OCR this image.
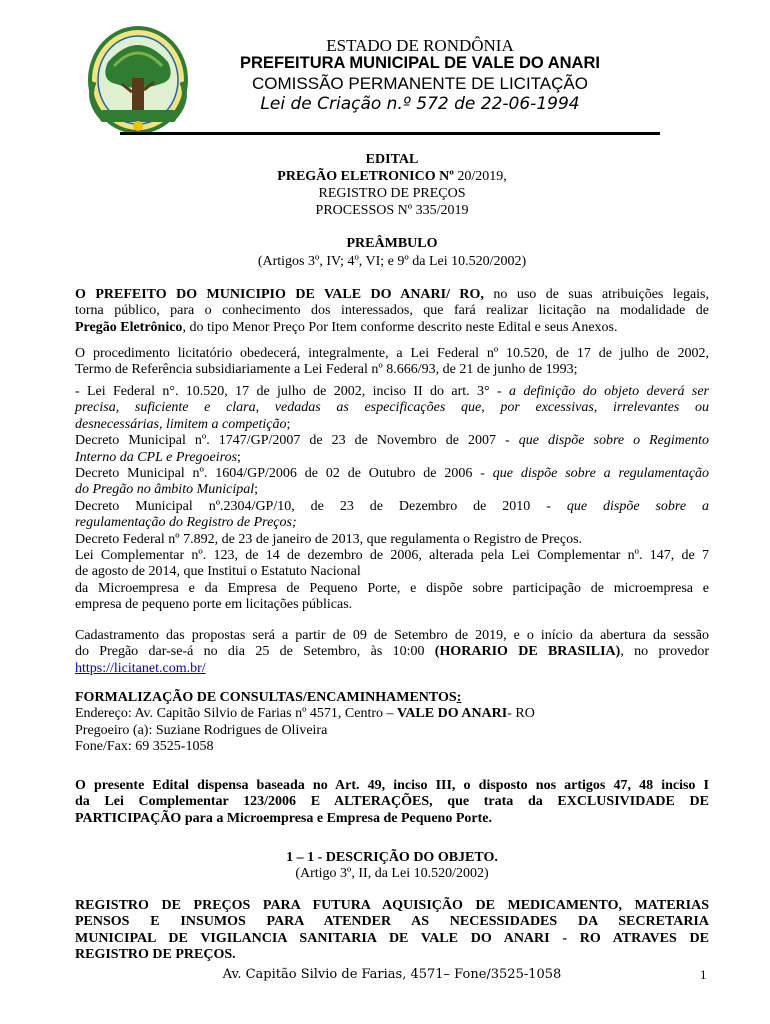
ESTADO DE RONDÔNIA
PREFEITURA MUNICIPAL DE VALE DO ANARI
COMISSÃO PERMANENTE DE LICITAÇÃO
Lei de Criação n.º 572 de 22-06-1994
EDITAL
PREGÃO ELETRONICO Nº 20/2019,
REGISTRO DE PREÇOS
PROCESSOS Nº 335/2019
PREÂMBULO
(Artigos 3º, IV; 4º, VI; e 9º da Lei 10.520/2002)
O PREFEITO DO MUNICIPIO DE VALE DO ANARI/ RO, no uso de suas atribuições legais,
torna público, para o conhecimento dos interessados, que fará realizar licitação na modalidade de
Pregão Eletrônico, do tipo Menor Preço Por Item conforme descrito neste Edital e seus Anexos.
O procedimento licitatório obedecerá, integralmente, a Lei Federal nº 10.520, de 17 de julho de 2002,
Termo de Referência subsidiariamente a Lei Federal nº 8.666/93, de 21 de junho de 1993;
- Lei Federal n°. 10.520, 17 de julho de 2002, inciso II do art. 3° - a definição do objeto deverá ser
precisa, suficiente e clara, vedadas as especificações que, por excessivas, irrelevantes ou
desnecessárias, limitem a competição;
Decreto Municipal nº. 1747/GP/2007 de 23 de Novembro de 2007 - que dispõe sobre o Regimento
Interno da CPL e Pregoeiros;
Decreto Municipal nº. 1604/GP/2006 de 02 de Outubro de 2006 - que dispõe sobre a regulamentação
do Pregão no âmbito Municipal;
Decreto Municipal nº.2304/GP/10, de 23 de Dezembro de 2010 - que dispõe sobre a
regulamentação do Registro de Preços;
Decreto Federal nº 7.892, de 23 de janeiro de 2013, que regulamenta o Registro de Preços.
Lei Complementar nº. 123, de 14 de dezembro de 2006, alterada pela Lei Complementar nº. 147, de 7
de agosto de 2014, que Institui o Estatuto Nacional
da Microempresa e da Empresa de Pequeno Porte, e dispõe sobre participação de microempresa e
empresa de pequeno porte em licitações públicas.
Cadastramento das propostas será a partir de 09 de Setembro de 2019, e o início da abertura da sessão
do Pregão dar-se-á no dia 25 de Setembro, às 10:00 (HORARIO DE BRASILIA), no provedor
https://licitanet.com.br/
FORMALIZAÇÃO DE CONSULTAS/ENCAMINHAMENTOS:
Endereço: Av. Capitão Silvio de Farias nº 4571, Centro – VALE DO ANARI- RO
Pregoeiro (a): Suziane Rodrigues de Oliveira
Fone/Fax: 69 3525-1058
O presente Edital dispensa baseada no Art. 49, inciso III, o disposto nos artigos 47, 48 inciso I
da Lei Complementar 123/2006 E ALTERAÇÕES, que trata da EXCLUSIVIDADE DE
PARTICIPAÇÃO para a Microempresa e Empresa de Pequeno Porte.
1 – 1 - DESCRIÇÃO DO OBJETO.
(Artigo 3º, II, da Lei 10.520/2002)
REGISTRO DE PREÇOS PARA FUTURA AQUISIÇÃO DE MEDICAMENTO, MATERIAS
PENSOS E INSUMOS PARA ATENDER AS NECESSIDADES DA SECRETARIA
MUNICIPAL DE VIGILANCIA SANITARIA DE VALE DO ANARI - RO ATRAVES DE
REGISTRO DE PREÇOS.
Av. Capitão Silvio de Farias, 4571– Fone/3525-1058	1
